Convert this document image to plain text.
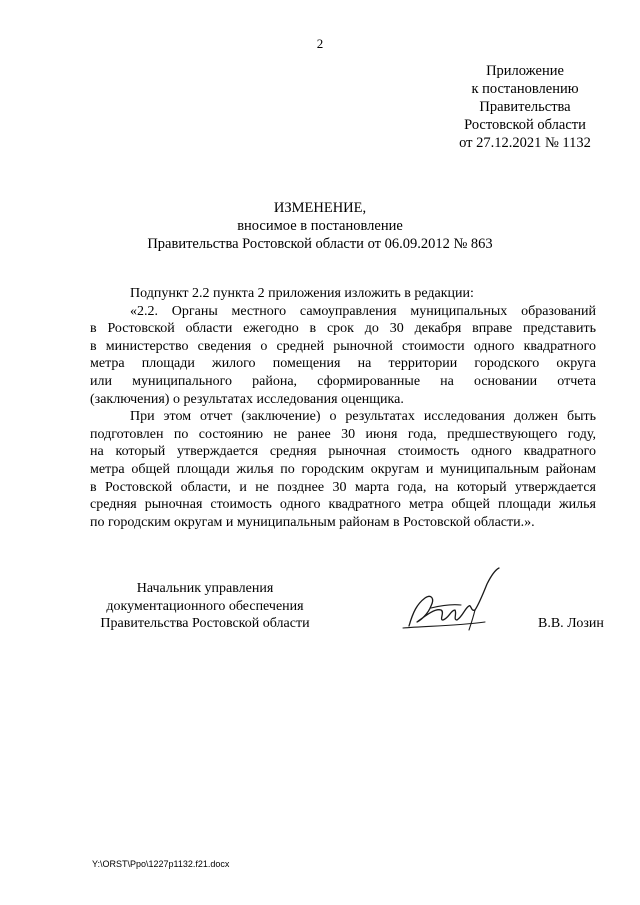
2
Приложение
к постановлению
Правительства
Ростовской области
от 27.12.2021 № 1132
ИЗМЕНЕНИЕ,
вносимое в постановление
Правительства Ростовской области от 06.09.2012 № 863
Подпункт 2.2 пункта 2 приложения изложить в редакции:
«2.2. Органы местного самоуправления муниципальных образований
в Ростовской области ежегодно в срок до 30 декабря вправе представить
в министерство сведения о средней рыночной стоимости одного квадратного
метра площади жилого помещения на территории городского округа
или муниципального района, сформированные на основании отчета
(заключения) о результатах исследования оценщика.
При этом отчет (заключение) о результатах исследования должен быть
подготовлен по состоянию не ранее 30 июня года, предшествующего году,
на который утверждается средняя рыночная стоимость одного квадратного
метра общей площади жилья по городским округам и муниципальным районам
в Ростовской области, и не позднее 30 марта года, на который утверждается
средняя рыночная стоимость одного квадратного метра общей площади жилья
по городским округам и муниципальным районам в Ростовской области.».
Начальник управления
документационного обеспечения
Правительства Ростовской области	В.В. Лозин
Y:\ORST\Ppo\1227p1132.f21.docx
